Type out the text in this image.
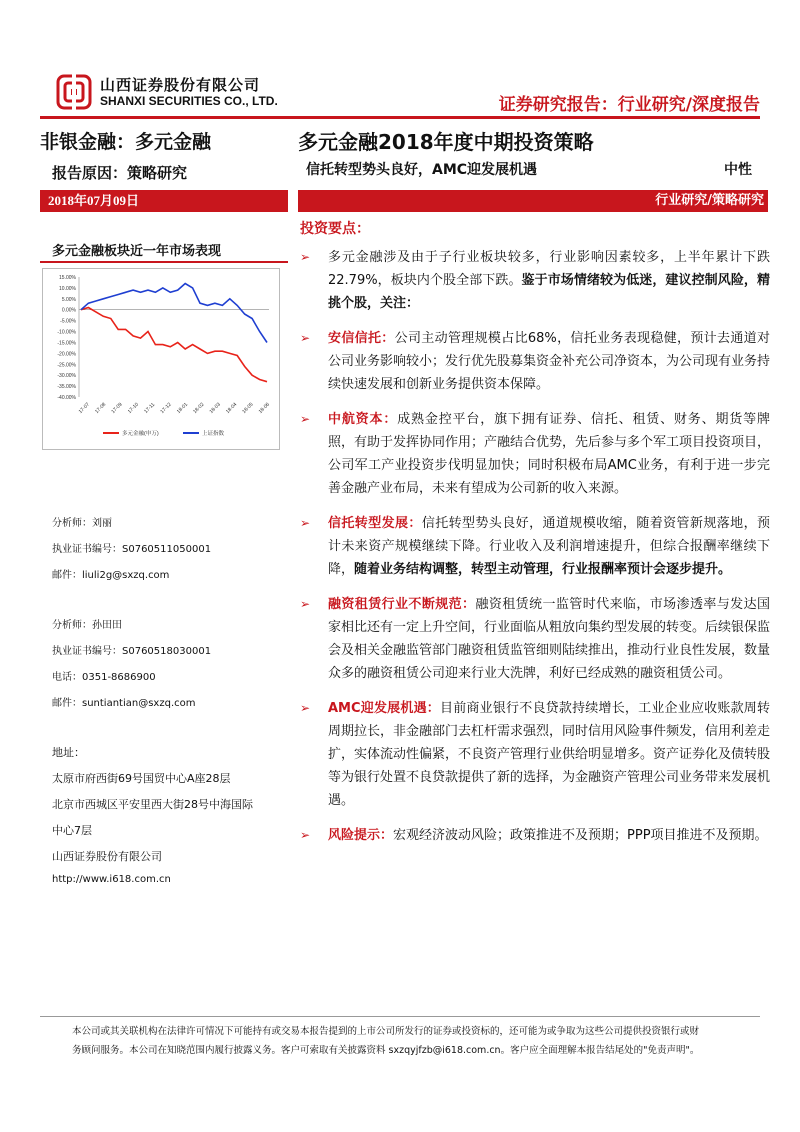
山西证券股份有限公司
SHANXI SECURITIES CO., LTD.	证券研究报告：行业研究/深度报告
非银金融：多元金融	多元金融2018年度中期投资策略
报告原因：策略研究	信托转型势头良好，AMC迎发展机遇	中性
2018年07月09日	行业研究/策略研究
投资要点：
多元金融板块近一年市场表现
15.00%
10.00%
5.00%
0.00%
-5.00%
-10.00%
-15.00%
-20.00%
-25.00%
-30.00%
-35.00%
-40.00%
17-07 17-08 17-09 17-10 17-11 17-12 18-01 18-02 18-03 18-04 18-05 18-06
多元金融(申万)	上证指数
分析师：刘丽
执业证书编号：S0760511050001
邮件：liuli2g@sxzq.com
分析师：孙田田
执业证书编号：S0760518030001
电话：0351-8686900
邮件：suntiantian@sxzq.com
地址：
太原市府西街69号国贸中心A座28层
北京市西城区平安里西大街28号中海国际
中心7层
山西证券股份有限公司
http://www.i618.com.cn
➢	多元金融涉及由于子行业板块较多，行业影响因素较多，上半年累计下跌22.79%，板块内个股全部下跌。鉴于市场情绪较为低迷，建议控制风险，精挑个股，关注：
➢	安信信托：公司主动管理规模占比68%，信托业务表现稳健，预计去通道对公司业务影响较小；发行优先股募集资金补充公司净资本，为公司现有业务持续快速发展和创新业务提供资本保障。
➢	中航资本：成熟金控平台，旗下拥有证券、信托、租赁、财务、期货等牌照，有助于发挥协同作用；产融结合优势，先后参与多个军工项目投资项目，公司军工产业投资步伐明显加快；同时积极布局AMC业务，有利于进一步完善金融产业布局，未来有望成为公司新的收入来源。
➢	信托转型发展：信托转型势头良好，通道规模收缩，随着资管新规落地，预计未来资产规模继续下降。行业收入及利润增速提升，但综合报酬率继续下降，随着业务结构调整，转型主动管理，行业报酬率预计会逐步提升。
➢	融资租赁行业不断规范：融资租赁统一监管时代来临，市场渗透率与发达国家相比还有一定上升空间，行业面临从粗放向集约型发展的转变。后续银保监会及相关金融监管部门融资租赁监管细则陆续推出，推动行业良性发展，数量众多的融资租赁公司迎来行业大洗牌，利好已经成熟的融资租赁公司。
➢	AMC迎发展机遇：目前商业银行不良贷款持续增长，工业企业应收账款周转周期拉长，非金融部门去杠杆需求强烈，同时信用风险事件频发，信用利差走扩，实体流动性偏紧，不良资产管理行业供给明显增多。资产证券化及债转股等为银行处置不良贷款提供了新的选择，为金融资产管理公司业务带来发展机遇。
➢	风险提示：宏观经济波动风险；政策推进不及预期；PPP项目推进不及预期。
本公司或其关联机构在法律许可情况下可能持有或交易本报告提到的上市公司所发行的证券或投资标的，还可能为或争取为这些公司提供投资银行或财
务顾问服务。本公司在知晓范围内履行披露义务。客户可索取有关披露资料 sxzqyjfzb@i618.com.cn。客户应全面理解本报告结尾处的"免责声明"。
